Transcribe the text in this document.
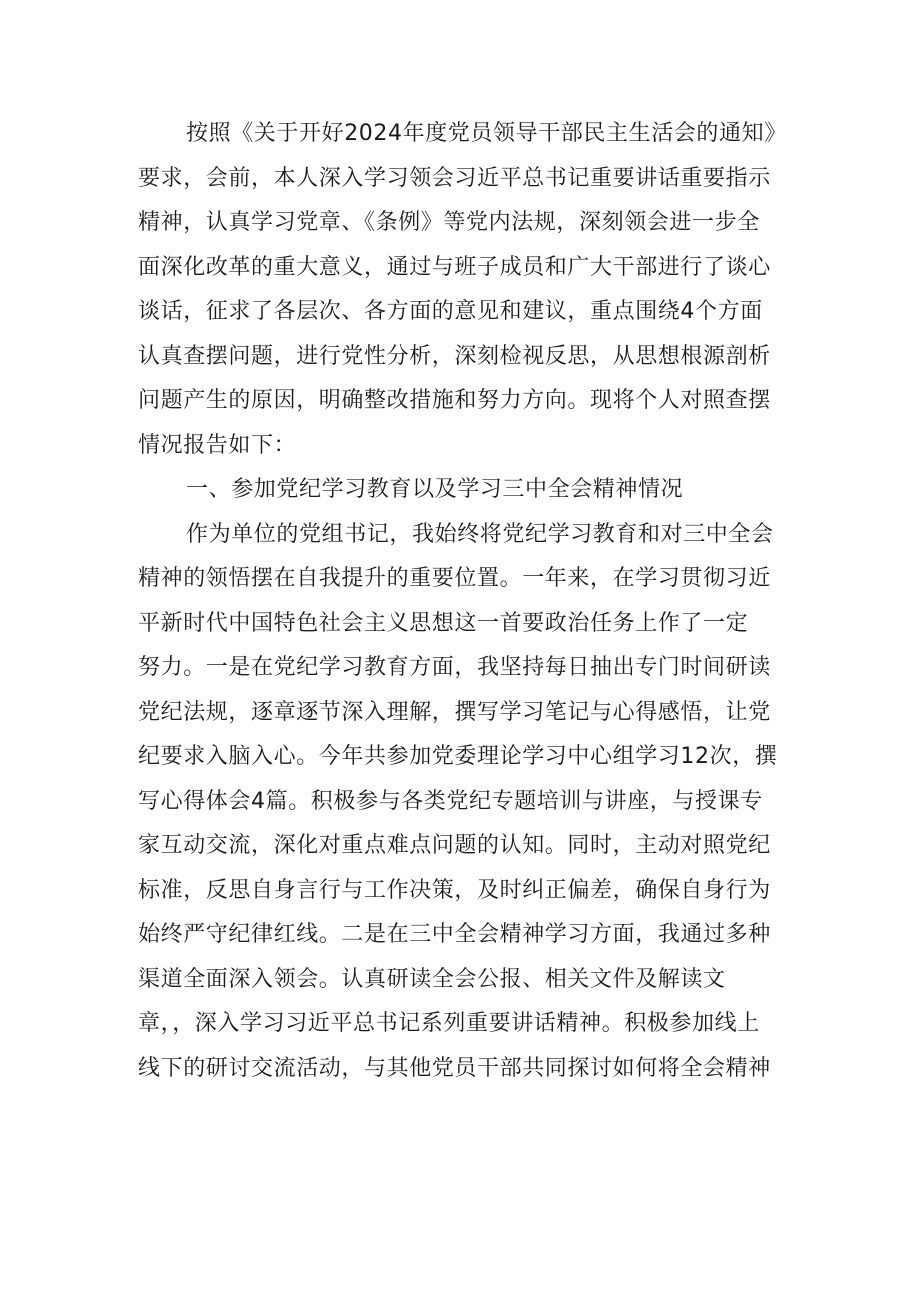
按照《关于开好2024年度党员领导干部民主生活会的通知》
要求，会前，本人深入学习领会习近平总书记重要讲话重要指示
精神，认真学习党章、《条例》等党内法规，深刻领会进一步全
面深化改革的重大意义，通过与班子成员和广大干部进行了谈心
谈话，征求了各层次、各方面的意见和建议，重点围绕4个方面
认真查摆问题，进行党性分析，深刻检视反思，从思想根源剖析
问题产生的原因，明确整改措施和努力方向。现将个人对照查摆
情况报告如下：
一、参加党纪学习教育以及学习三中全会精神情况
作为单位的党组书记，我始终将党纪学习教育和对三中全会
精神的领悟摆在自我提升的重要位置。一年来，在学习贯彻习近
平新时代中国特色社会主义思想这一首要政治任务上作了一定
努力。一是在党纪学习教育方面，我坚持每日抽出专门时间研读
党纪法规，逐章逐节深入理解，撰写学习笔记与心得感悟，让党
纪要求入脑入心。今年共参加党委理论学习中心组学习12次，撰
写心得体会4篇。积极参与各类党纪专题培训与讲座，与授课专
家互动交流，深化对重点难点问题的认知。同时，主动对照党纪
标准，反思自身言行与工作决策，及时纠正偏差，确保自身行为
始终严守纪律红线。二是在三中全会精神学习方面，我通过多种
渠道全面深入领会。认真研读全会公报、相关文件及解读文
章，，深入学习习近平总书记系列重要讲话精神。积极参加线上
线下的研讨交流活动，与其他党员干部共同探讨如何将全会精神
